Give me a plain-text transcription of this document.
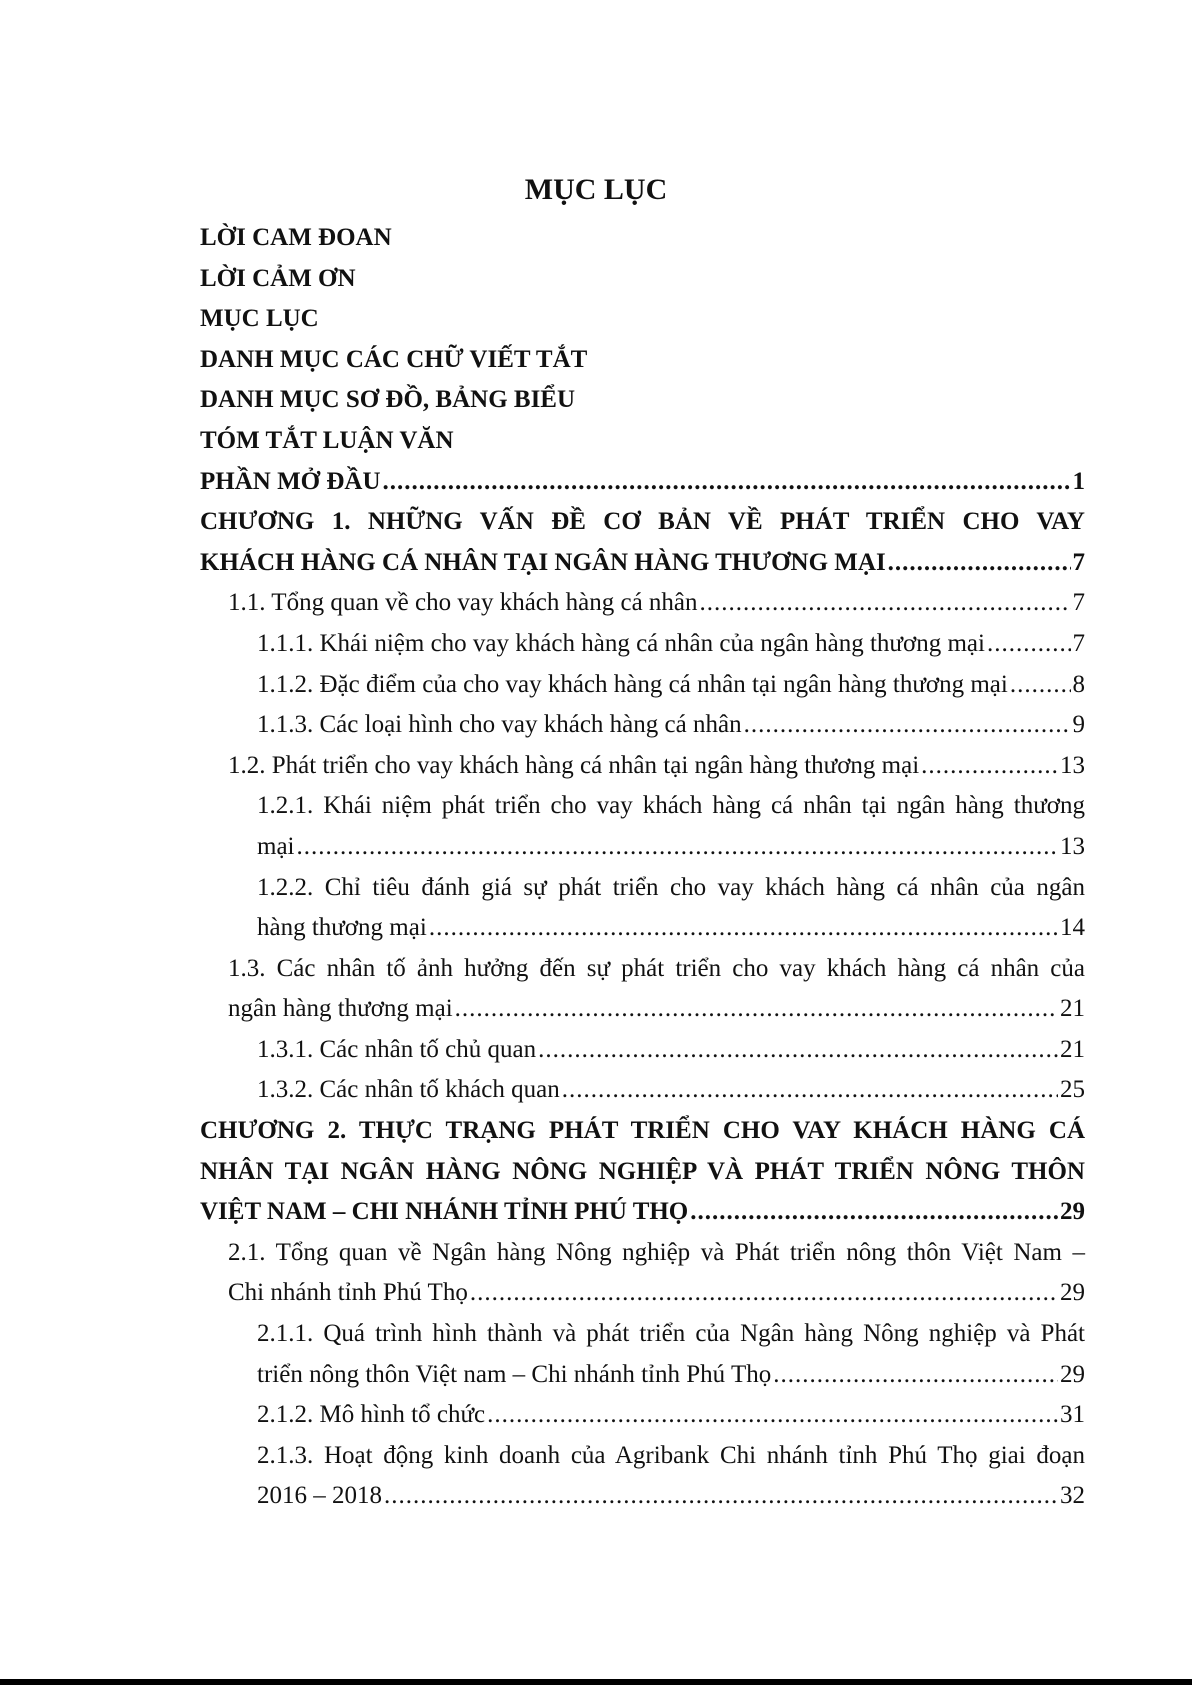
MỤC LỤC
LỜI CAM ĐOAN
LỜI CẢM ƠN
MỤC LỤC
DANH MỤC CÁC CHỮ VIẾT TẮT
DANH MỤC SƠ ĐỒ, BẢNG BIỂU
TÓM TẮT LUẬN VĂN
PHẦN MỞ ĐẦU .....	1
CHƯƠNG 1. NHỮNG VẤN ĐỀ CƠ BẢN VỀ PHÁT TRIỂN CHO VAY
KHÁCH HÀNG CÁ NHÂN TẠI NGÂN HÀNG THƯƠNG MẠI .....	7
1.1. Tổng quan về cho vay khách hàng cá nhân .....	7
1.1.1. Khái niệm cho vay khách hàng cá nhân của ngân hàng thương mại .....	7
1.1.2. Đặc điểm của cho vay khách hàng cá nhân tại ngân hàng thương mại .....	8
1.1.3. Các loại hình cho vay khách hàng cá nhân .....	9
1.2. Phát triển cho vay khách hàng cá nhân tại ngân hàng thương mại .....	13
1.2.1. Khái niệm phát triển cho vay khách hàng cá nhân tại ngân hàng thương
mại .....	13
1.2.2. Chỉ tiêu đánh giá sự phát triển cho vay khách hàng cá nhân của ngân
hàng thương mại .....	14
1.3. Các nhân tố ảnh hưởng đến sự phát triển cho vay khách hàng cá nhân của
ngân hàng thương mại .....	21
1.3.1. Các nhân tố chủ quan .....	21
1.3.2. Các nhân tố khách quan .....	25
CHƯƠNG 2. THỰC TRẠNG PHÁT TRIỂN CHO VAY KHÁCH HÀNG CÁ
NHÂN TẠI NGÂN HÀNG NÔNG NGHIỆP VÀ PHÁT TRIỂN NÔNG THÔN
VIỆT NAM – CHI NHÁNH TỈNH PHÚ THỌ .....	29
2.1. Tổng quan về Ngân hàng Nông nghiệp và Phát triển nông thôn Việt Nam –
Chi nhánh tỉnh Phú Thọ .....	29
2.1.1. Quá trình hình thành và phát triển của Ngân hàng Nông nghiệp và Phát
triển nông thôn Việt nam – Chi nhánh tỉnh Phú Thọ .....	29
2.1.2. Mô hình tổ chức .....	31
2.1.3. Hoạt động kinh doanh của Agribank Chi nhánh tỉnh Phú Thọ giai đoạn
2016 – 2018 .....	32
